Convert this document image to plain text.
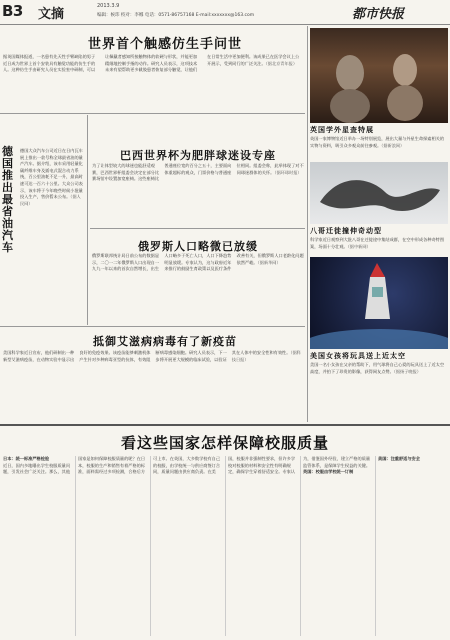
B3 文摘
2013.3.9
编辑：候玮 校对：李娜 电话：0571-86757168 E-mail:xxxxxxx@163.com	都市快报
世界首个触感仿生手问世
据英国媒体报道，一名患有先天性手臂缺陷的男子近日成为世界上首个安装具有触觉功能的仿生手的人。这种仿生手由研究人员在实验室中研制，可以让佩戴者感知所接触物体的软硬与形状，并能更加精细地控制手指的动作。研究人员表示，这项技术未来有望帮助更多截肢患者恢复部分触觉，让他们在日常生活中更加便利。该成果已在医学会议上公开展示，受到同行的广泛关注。（据北京青年报）
德国推出最省油汽车
德国大众汽车公司近日在日内瓦车展上推出一款号称全球最省油的量产汽车。据介绍，该车采用轻量化碳纤维车身及插电式混合动力系统，百公里油耗不足一升，最高时速可达一百六十公里。大众公司表示，该车将于今年晚些时候小批量投入生产，售价暂未公布。（据人民网）
巴西世界杯为肥胖球迷设专座
为了让体型较大的球迷也能舒适观赛，巴西世界杯组委会决定在部分比赛场馆中设置加宽座椅。这些座椅比普通座位宽约百分之五十，主要面向体重超标的观众，门票价格与普通座位相同。组委会称，此举体现了对不同球迷群体的关怀。（据环球时报）
俄罗斯人口略微已放缓
俄罗斯联邦统计局日前公布的数据显示，二〇一二年俄罗斯人口出现自一九九一年以来的首次自然增长，出生人口略多于死亡人口，人口下降趋势明显放缓。专家认为，这与政府近年来推行的鼓励生育政策以及医疗条件改善有关，但俄罗斯人口老龄化问题依然严峻。（据新华网）
抵御艾滋病病毒有了新疫苗
美国科学家近日宣布，他们研制出一种新型艾滋病疫苗，在动物实验中显示出良好的免疫效果。该疫苗能够刺激机体产生针对多种病毒亚型的抗体，有效阻断病毒感染细胞。研究人员表示，下一步将开展更大规模的临床试验，以验证其在人体中的安全性和有效性。（据科技日报）
英国学外星查特展
英国一家博物馆近日举办一场特别展览，展出大量与外星生命探索相关的实物与资料，吸引众多观众前往参观。（据新浪网）
八哥迁徙撞伸奇动型
科学家近日观察到大批八哥在迁徙途中集结成群，在空中形成各种奇特图案，场面十分壮观。（据中新网）
美国女孩将玩具送上近太空
美国一名小女孩在父亲的帮助下，用气球将自己心爱的玩具送上了近太空高度，并拍下了珍贵的影像，获得网友点赞。（据扬子晚报）
看这些国家怎样保障校服质量
日本：统一标准严格检验
近日，国内多地曝出学生校服质量问题，引发社会广泛关注。那么，其他国家是如何保障校服质量的呢？在日本，校服的生产和销售有着严格的标准，面料需经过多项检测，合格后方可上市。在英国，大多数学校有自己的校服，由学校统一与供应商签订合同，质量问题由供应商负责。在美国，校服并非强制性要求，但许多学校对校服的材料和安全性有明确规定，确保学生穿着舒适安全。专家认为，借鉴国外经验，建立严格的质量监管体系，是保障学生权益的关键。
英国：校服由学校统一订制
美国：注重舒适与安全
